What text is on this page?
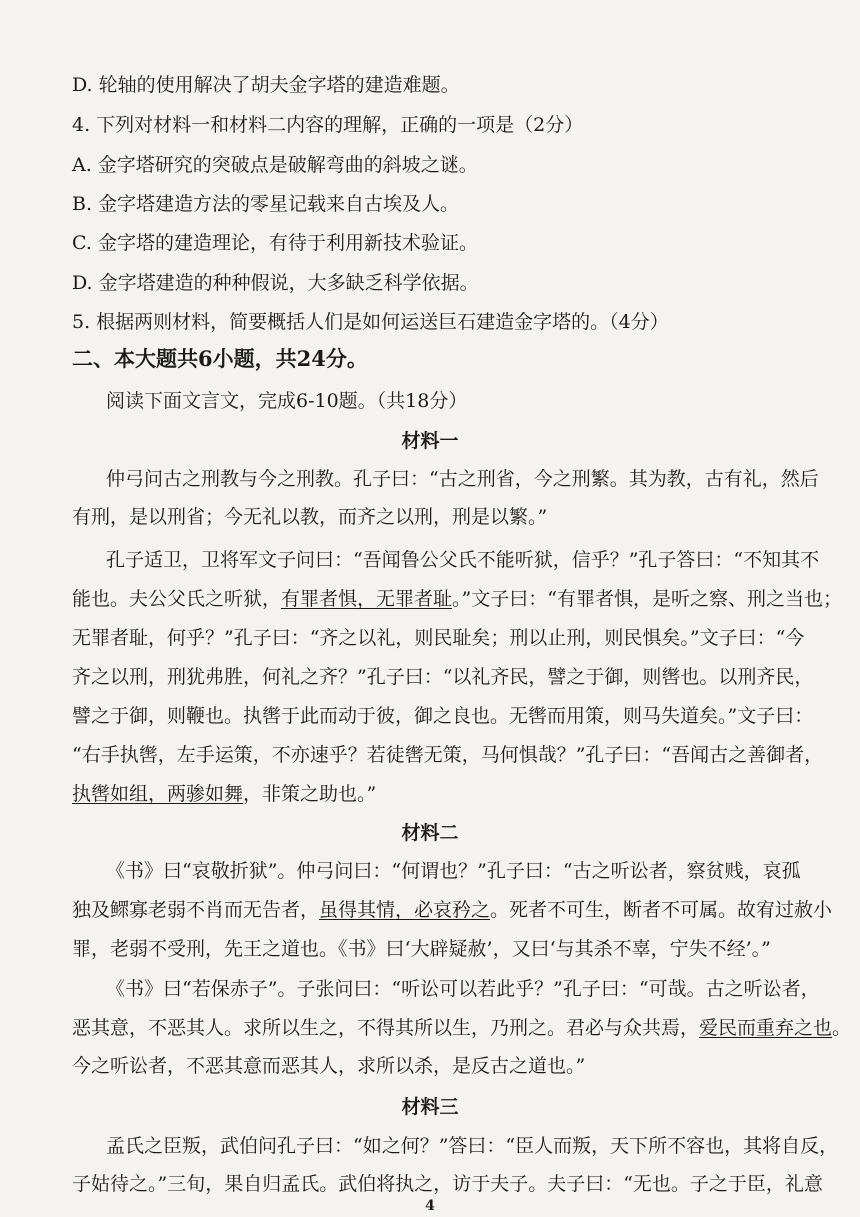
D. 轮轴的使用解决了胡夫金字塔的建造难题。
4. 下列对材料一和材料二内容的理解，正确的一项是（2分）
A. 金字塔研究的突破点是破解弯曲的斜坡之谜。
B. 金字塔建造方法的零星记载来自古埃及人。
C. 金字塔的建造理论，有待于利用新技术验证。
D. 金字塔建造的种种假说，大多缺乏科学依据。
5. 根据两则材料，简要概括人们是如何运送巨石建造金字塔的。（4分）
二、本大题共6小题，共24分。
阅读下面文言文，完成6-10题。（共18分）
材料一
仲弓问古之刑教与今之刑教。孔子曰：“古之刑省，今之刑繁。其为教，古有礼，然后
有刑，是以刑省；今无礼以教，而齐之以刑，刑是以繁。”
孔子适卫，卫将军文子问曰：“吾闻鲁公父氏不能听狱，信乎？”孔子答曰：“不知其不
能也。夫公父氏之听狱，有罪者惧，无罪者耻。”文子曰：“有罪者惧，是听之察、刑之当也；
无罪者耻，何乎？”孔子曰：“齐之以礼，则民耻矣；刑以止刑，则民惧矣。”文子曰：“今
齐之以刑，刑犹弗胜，何礼之齐？”孔子曰：“以礼齐民，譬之于御，则辔也。以刑齐民，
譬之于御，则鞭也。执辔于此而动于彼，御之良也。无辔而用策，则马失道矣。”文子曰：
“右手执辔，左手运策，不亦速乎？若徒辔无策，马何惧哉？”孔子曰：“吾闻古之善御者，
执辔如组，两骖如舞，非策之助也。”
材料二
《书》曰“哀敬折狱”。仲弓问曰：“何谓也？”孔子曰：“古之听讼者，察贫贱，哀孤
独及鳏寡老弱不肖而无告者，虽得其情，必哀矜之。死者不可生，断者不可属。故宥过赦小
罪，老弱不受刑，先王之道也。《书》曰‘大辟疑赦’，又曰‘与其杀不辜，宁失不经’。”
《书》曰“若保赤子”。子张问曰：“听讼可以若此乎？”孔子曰：“可哉。古之听讼者，
恶其意，不恶其人。求所以生之，不得其所以生，乃刑之。君必与众共焉，爱民而重弃之也。
今之听讼者，不恶其意而恶其人，求所以杀，是反古之道也。”
材料三
孟氏之臣叛，武伯问孔子曰：“如之何？”答曰：“臣人而叛，天下所不容也，其将自反，
子姑待之。”三旬，果自归孟氏。武伯将执之，访于夫子。夫子曰：“无也。子之于臣，礼意
4
